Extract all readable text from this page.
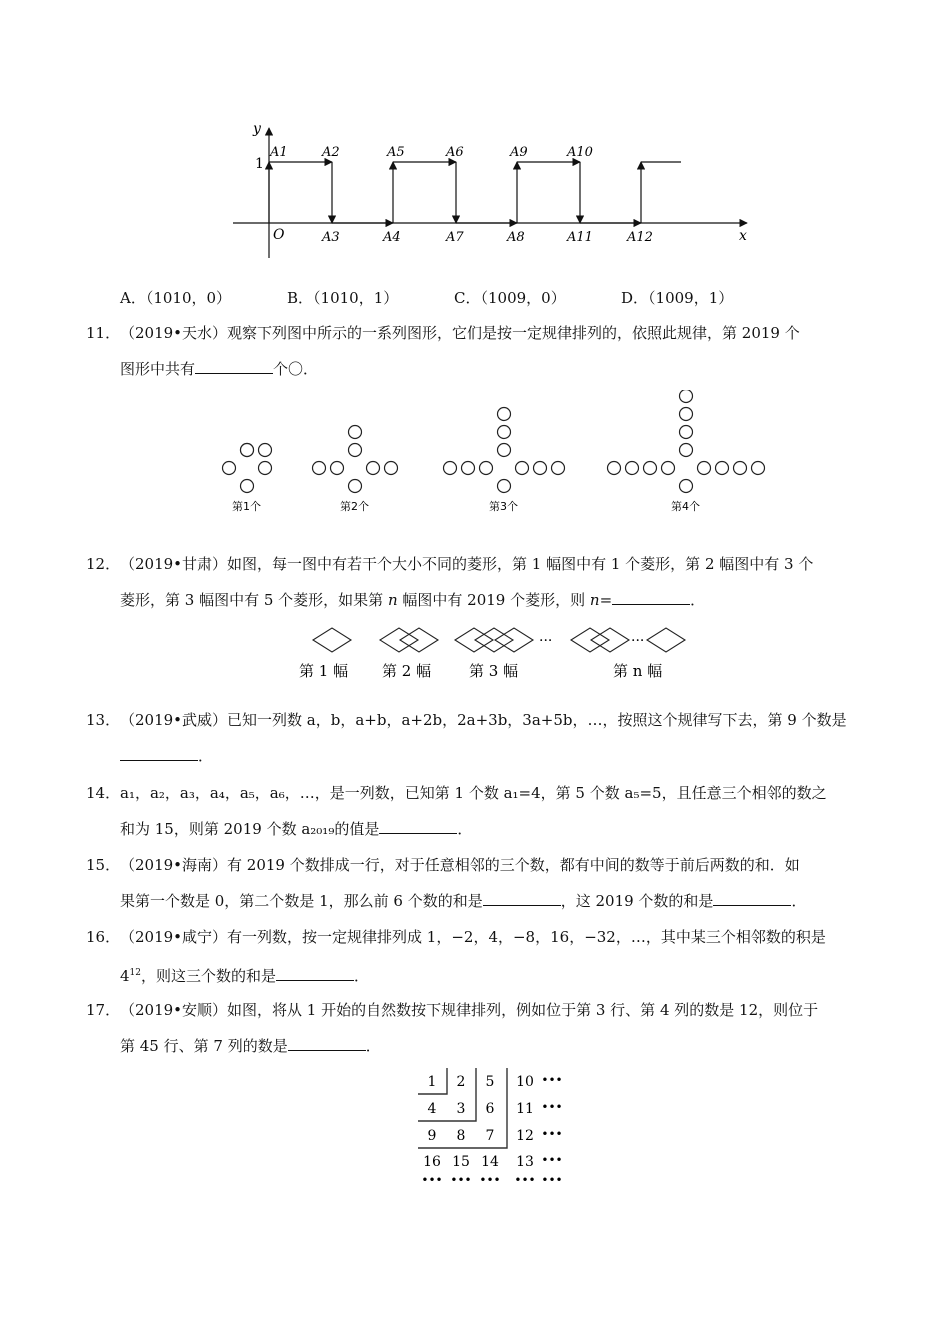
y
x
O
1
A1	A2
A3	A4
A5	A6
A7	A8
A9	A10
A11	A12
A．（1010，0）	B．（1010，1）	C．（1009，0）	D．（1009，1）
11． （2019•天水）观察下列图中所示的一系列图形，它们是按一定规律排列的，依照此规律，第 2019 个
图形中共有	个〇．
第1个	第2个	第3个	第4个
12． （2019•甘肃）如图，每一图中有若干个大小不同的菱形，第 1 幅图中有 1 个菱形，第 2 幅图中有 3 个
菱形，第 3 幅图中有 5 个菱形，如果第 n 幅图中有 2019 个菱形，则 n=	．
···	···
第 1 幅 第 2 幅	第 3 幅	第 n 幅
13． （2019•武威）已知一列数 a，b，a+b，a+2b，2a+3b，3a+5b，…，按照这个规律写下去，第 9 个数是
．
14． a₁，a₂，a₃，a₄，a₅，a₆，…，是一列数，已知第 1 个数 a₁=4，第 5 个数 a₅=5，且任意三个相邻的数之
和为 15，则第 2019 个数 a₂₀₁₉的值是	．
15． （2019•海南）有 2019 个数排成一行，对于任意相邻的三个数，都有中间的数等于前后两数的和．如
果第一个数是 0，第二个数是 1，那么前 6 个数的和是	，这 2019 个数的和是	．
16． （2019•咸宁）有一列数，按一定规律排列成 1，−2，4，−8，16，−32，…，其中某三个相邻数的积是
$4^{12}$，则这三个数的和是	．
17． （2019•安顺）如图，将从 1 开始的自然数按下规律排列，例如位于第 3 行、第 4 列的数是 12，则位于
第 45 行、第 7 列的数是	．
1 2 5 10 •••
4 3 6 11 •••
9 8 7 12 •••
16 15 14 13 •••
••• ••• ••• ••• •••
